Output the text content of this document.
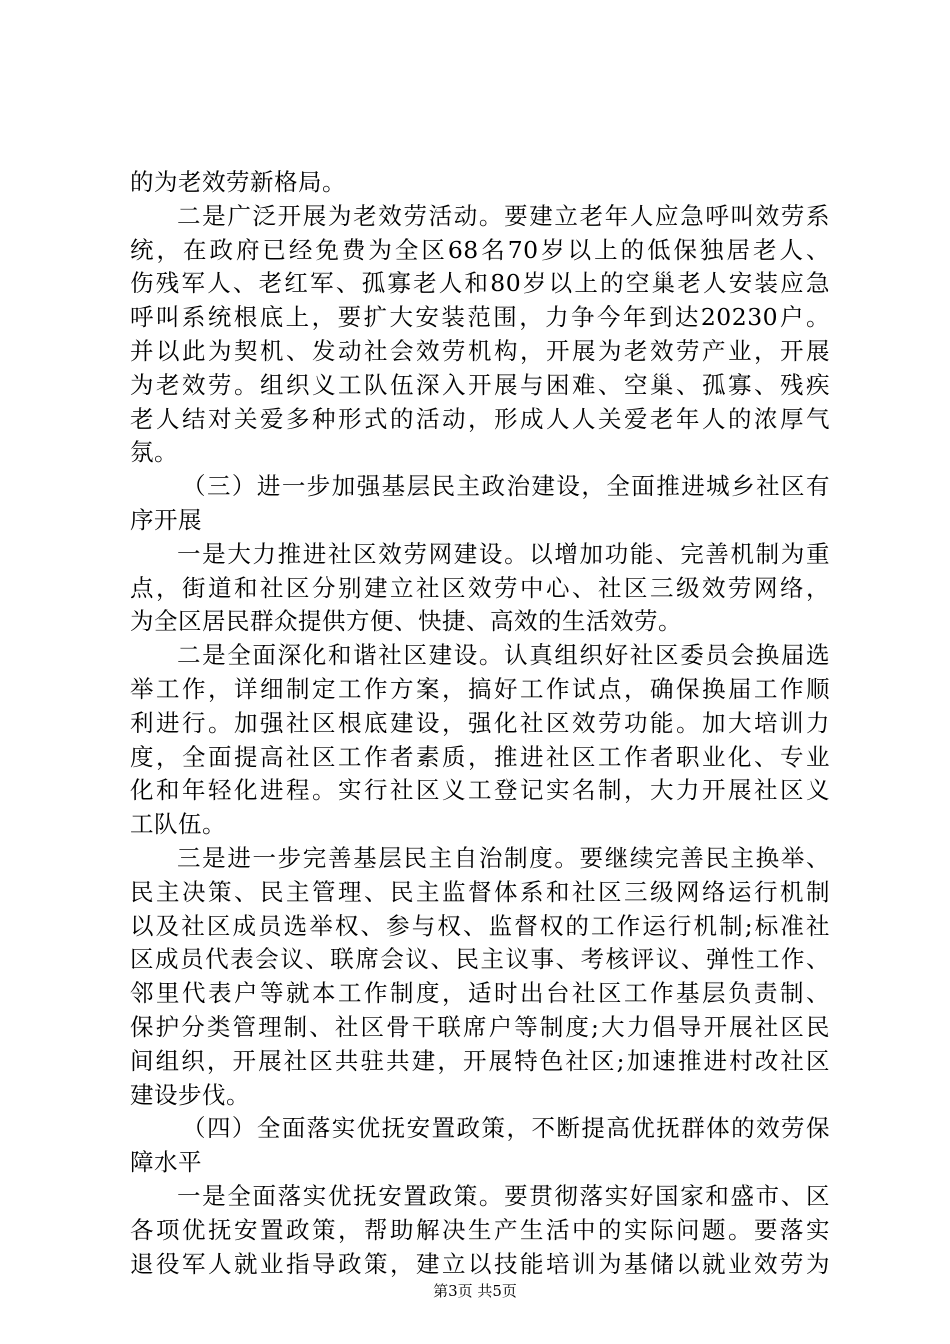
的为老效劳新格局。
二是广泛开展为老效劳活动。要建立老年人应急呼叫效劳系
统，在政府已经免费为全区68名70岁以上的低保独居老人、
伤残军人、老红军、孤寡老人和80岁以上的空巢老人安装应急
呼叫系统根底上，要扩大安装范围，力争今年到达20230户。
并以此为契机、发动社会效劳机构，开展为老效劳产业，开展
为老效劳。组织义工队伍深入开展与困难、空巢、孤寡、残疾
老人结对关爱多种形式的活动，形成人人关爱老年人的浓厚气
氛。
（三）进一步加强基层民主政治建设，全面推进城乡社区有
序开展
一是大力推进社区效劳网建设。以增加功能、完善机制为重
点，街道和社区分别建立社区效劳中心、社区三级效劳网络，
为全区居民群众提供方便、快捷、高效的生活效劳。
二是全面深化和谐社区建设。认真组织好社区委员会换届选
举工作，详细制定工作方案，搞好工作试点，确保换届工作顺
利进行。加强社区根底建设，强化社区效劳功能。加大培训力
度，全面提高社区工作者素质，推进社区工作者职业化、专业
化和年轻化进程。实行社区义工登记实名制，大力开展社区义
工队伍。
三是进一步完善基层民主自治制度。要继续完善民主换举、
民主决策、民主管理、民主监督体系和社区三级网络运行机制
以及社区成员选举权、参与权、监督权的工作运行机制;标准社
区成员代表会议、联席会议、民主议事、考核评议、弹性工作、
邻里代表户等就本工作制度，适时出台社区工作基层负责制、
保护分类管理制、社区骨干联席户等制度;大力倡导开展社区民
间组织，开展社区共驻共建，开展特色社区;加速推进村改社区
建设步伐。
（四）全面落实优抚安置政策，不断提高优抚群体的效劳保
障水平
一是全面落实优抚安置政策。要贯彻落实好国家和盛市、区
各项优抚安置政策，帮助解决生产生活中的实际问题。要落实
退役军人就业指导政策，建立以技能培训为基储以就业效劳为
第3页 共5页
